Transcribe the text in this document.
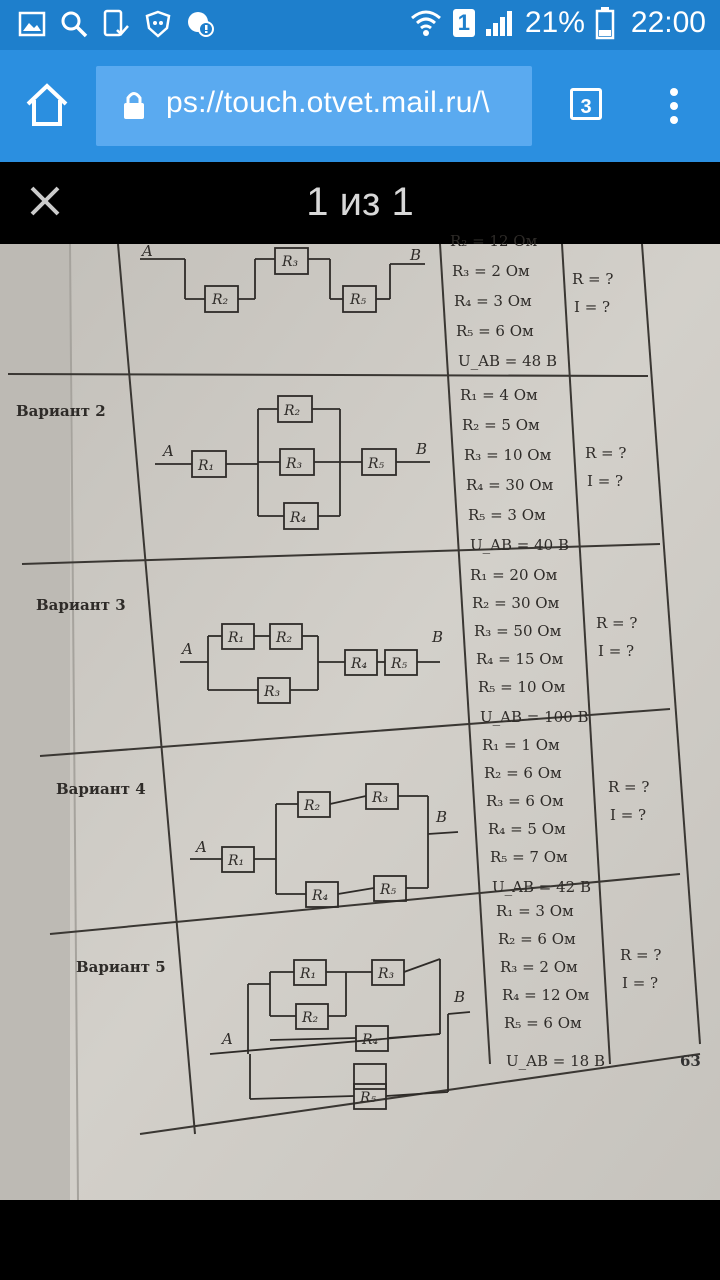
1 21% 22:00
ps://touch.otvet.mail.ru/\	3
1 из 1
63
R₂ = 12 Ом
R₃ = 2 Ом
R₄ = 3 Ом
R₅ = 6 Ом
U_AB = 48 В
R = ?
I = ?
A	B
R₂
R₃
R₅
Вариант 2
R₁ = 4 Ом
R₂ = 5 Ом
R₃ = 10 Ом
R₄ = 30 Ом
R₅ = 3 Ом
U_AB = 40 В
R = ?
I = ?
A	B
R₁
R₂
R₃
R₄
R₅
Вариант 3
R₁ = 20 Ом
R₂ = 30 Ом
R₃ = 50 Ом
R₄ = 15 Ом
R₅ = 10 Ом
U_AB = 100 В
R = ?
I = ?
A
B
R₁ R₂
R₃
R₄ R₅
Вариант 4
R₁ = 1 Ом
R₂ = 6 Ом
R₃ = 6 Ом
R₄ = 5 Ом
R₅ = 7 Ом
U_AB = 42 В
R = ?
I = ?
A
B
R₁
R₂	R₃
R₄	R₅
Вариант 5
R₁ = 3 Ом
R₂ = 6 Ом
R₃ = 2 Ом
R₄ = 12 Ом
R₅ = 6 Ом
U_AB = 18 В
R = ?
I = ?
A
B
R₁
R₂
R₃
R₄
R₅
